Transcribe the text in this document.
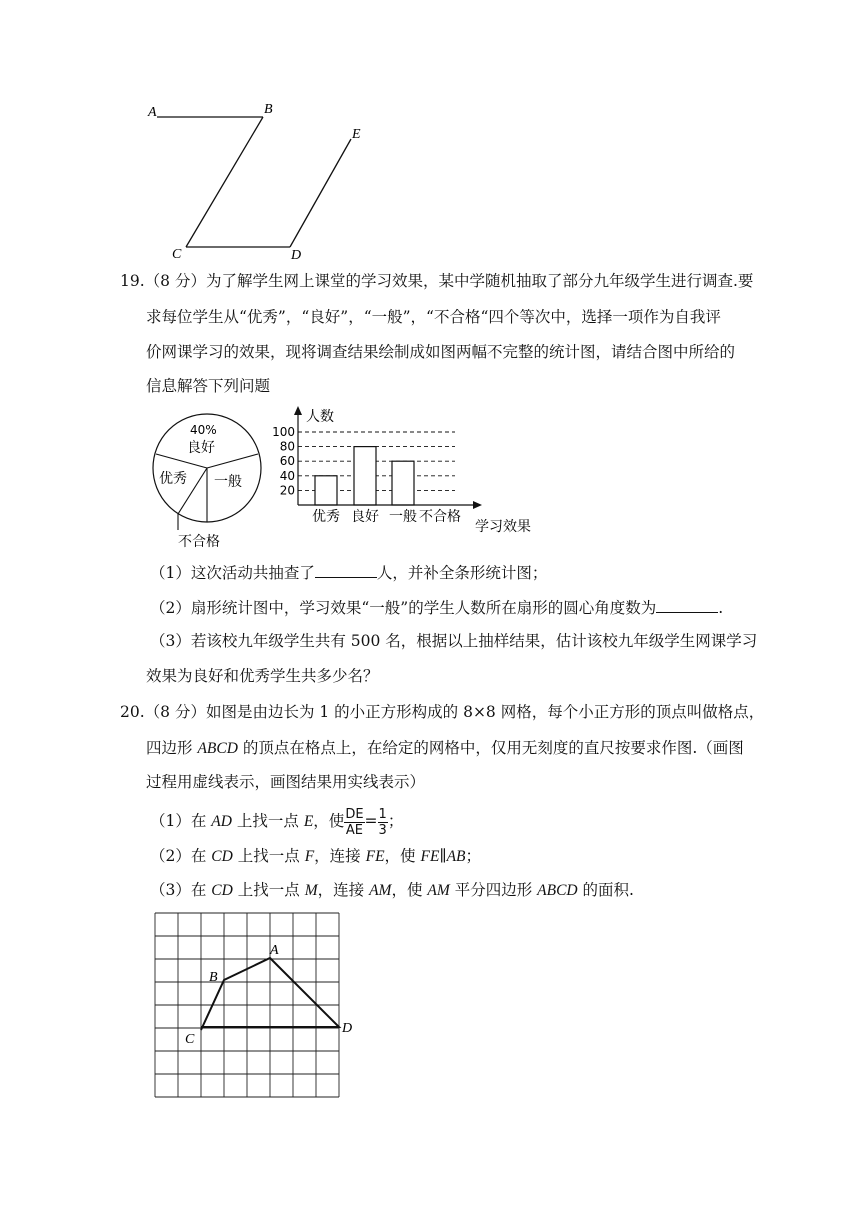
A	B
C	D
E
19.（8 分）为了解学生网上课堂的学习效果，某中学随机抽取了部分九年级学生进行调查.要
求每位学生从“优秀”，“良好”，“一般”，“不合格“四个等次中，选择一项作为自我评
价网课学习的效果，现将调查结果绘制成如图两幅不完整的统计图，请结合图中所给的
信息解答下列问题
40%
良好
优秀 一般
不合格
20
40
60
80
100
优秀 良好 一般 不合格
人数
学习效果
（1）这次活动共抽查了	人，并补全条形统计图；
（2）扇形统计图中，学习效果“一般”的学生人数所在扇形的圆心角度数为	.
（3）若该校九年级学生共有 500 名，根据以上抽样结果，估计该校九年级学生网课学习
效果为良好和优秀学生共多少名？
20.（8 分）如图是由边长为 1 的小正方形构成的 8×8 网格，每个小正方形的顶点叫做格点，
四边形 ABCD 的顶点在格点上，在给定的网格中，仅用无刻度的直尺按要求作图.（画图
过程用虚线表示，画图结果用实线表示）
（1）在 AD 上找一点 E，使 $\frac{DE}{AE} = \frac{1}{3}$ ；
（2）在 CD 上找一点 F，连接 FE，使 FE∥AB；
（3）在 CD 上找一点 M，连接 AM，使 AM 平分四边形 ABCD 的面积.
A
B
C
D
